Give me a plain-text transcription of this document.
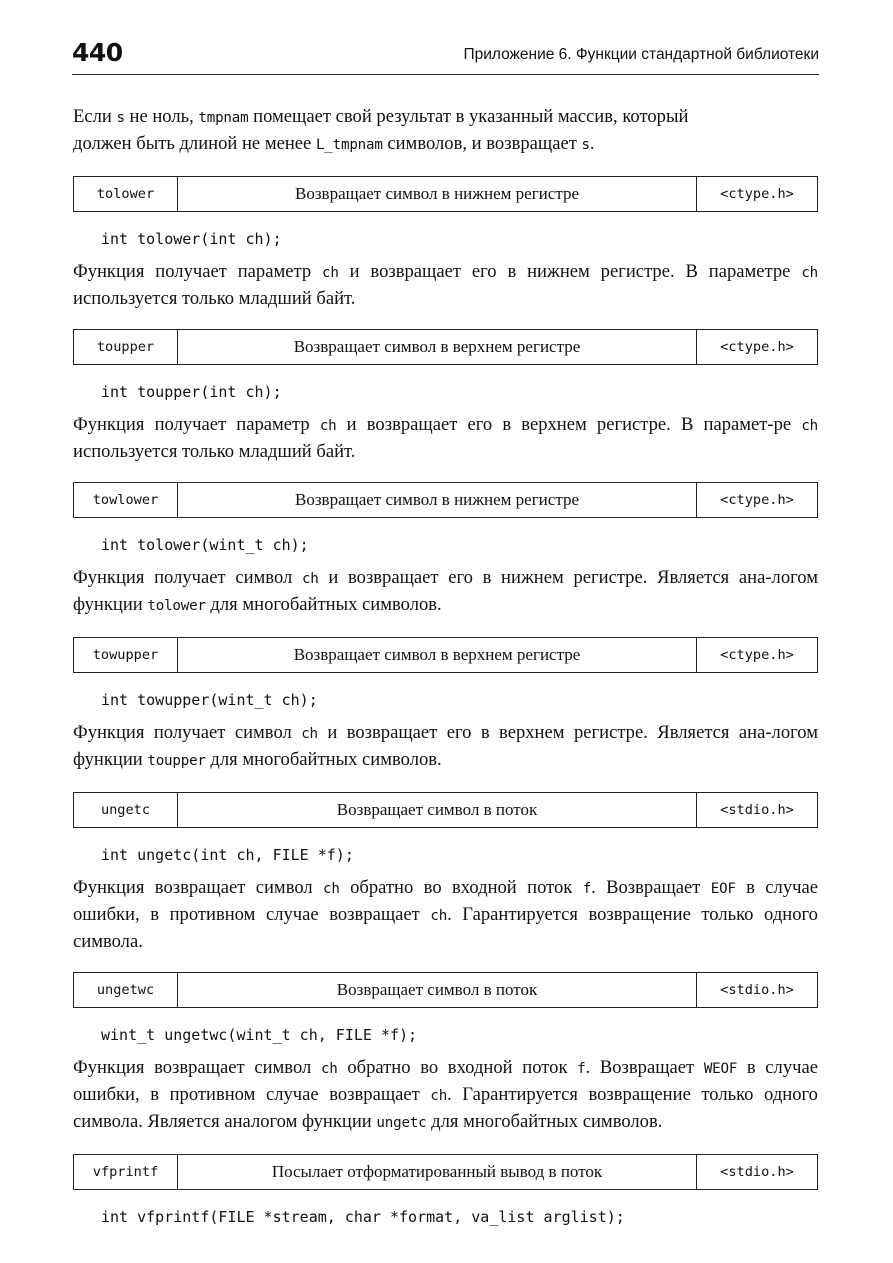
440	Приложение 6. Функции стандартной библиотеки

Если s не ноль, tmpnam помещает свой результат в указанный массив, который
должен быть длиной не менее L_tmpnam символов, и возвращает s.

tolower	Возвращает символ в нижнем регистре	<ctype.h>
int tolower(int ch);

Функция получает параметр ch и возвращает его в нижнем регистре. В параметре ch используется только младший байт.

toupper	Возвращает символ в верхнем регистре	<ctype.h>
int toupper(int ch);

Функция получает параметр ch и возвращает его в верхнем регистре. В парамет-ре ch используется только младший байт.

towlower	Возвращает символ в нижнем регистре	<ctype.h>
int tolower(wint_t ch);

Функция получает символ ch и возвращает его в нижнем регистре. Является ана-логом функции tolower для многобайтных символов.

towupper	Возвращает символ в верхнем регистре	<ctype.h>
int towupper(wint_t ch);

Функция получает символ ch и возвращает его в верхнем регистре. Является ана-логом функции toupper для многобайтных символов.

ungetc	Возвращает символ в поток	<stdio.h>
int ungetc(int ch, FILE *f);

Функция возвращает символ ch обратно во входной поток f. Возвращает EOF в случае ошибки, в противном случае возвращает ch. Гарантируется возвращение только одного символа.

ungetwc	Возвращает символ в поток	<stdio.h>
wint_t ungetwc(wint_t ch, FILE *f);

Функция возвращает символ ch обратно во входной поток f. Возвращает WEOF в случае ошибки, в противном случае возвращает ch. Гарантируется возвращение только одного символа. Является аналогом функции ungetc для многобайтных символов.

vfprintf	Посылает отформатированный вывод в поток	<stdio.h>
int vfprintf(FILE *stream, char *format, va_list arglist);
